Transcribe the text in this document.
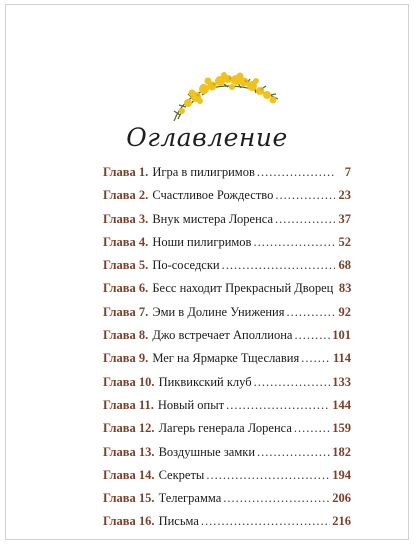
Оглавление
Глава 1. Игра в пилигримов .....	7
Глава 2. Счастливое Рождество .....	23
Глава 3. Внук мистера Лоренса .....	37
Глава 4. Ноши пилигримов .....	52
Глава 5. По-соседски .....	68
Глава 6. Бесс находит Прекрасный Дворец 83
Глава 7. Эми в Долине Унижения .....	92
Глава 8. Джо встречает Аполлиона .....	101
Глава 9. Мег на Ярмарке Тщеславия .....	114
Глава 10. Пиквикский клуб .....	133
Глава 11. Новый опыт .....	144
Глава 12. Лагерь генерала Лоренса .....	159
Глава 13. Воздушные замки .....	182
Глава 14. Секреты .....	194
Глава 15. Телеграмма .....	206
Глава 16. Письма .....	216
